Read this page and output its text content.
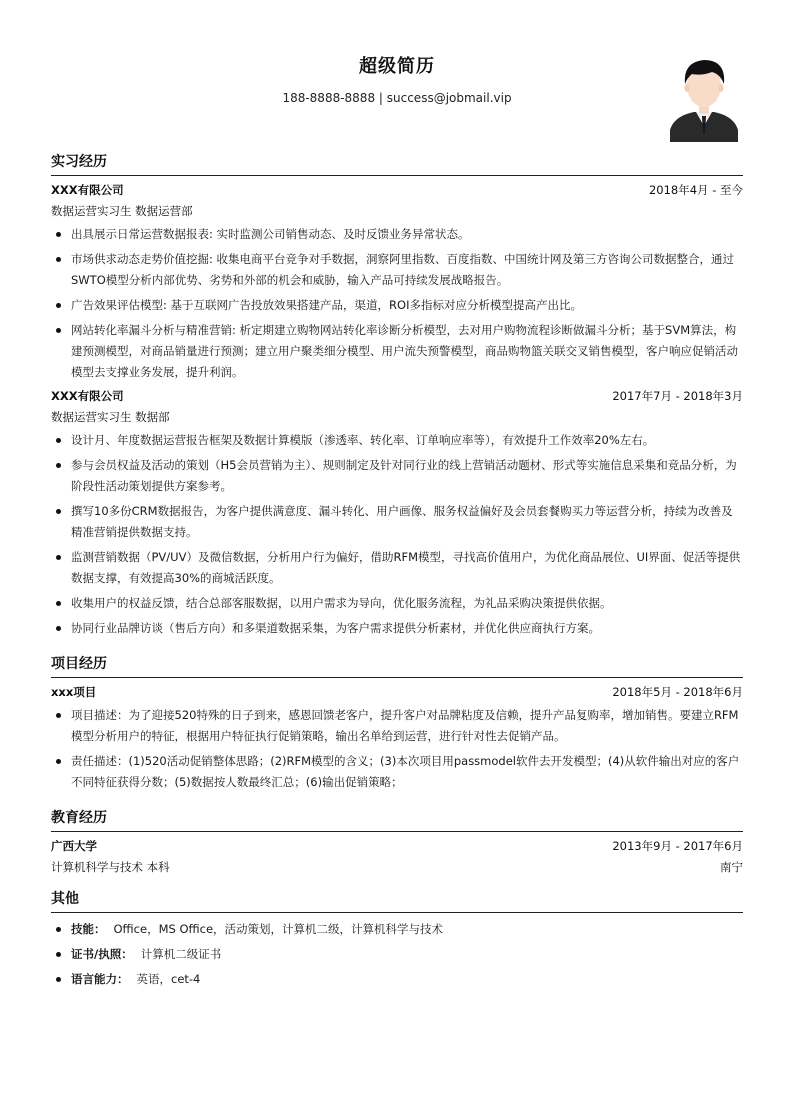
超级简历
188-8888-8888 | success@jobmail.vip
实习经历
XXX有限公司	2018年4月 - 至今
数据运营实习生 数据运营部
出具展示日常运营数据报表: 实时监测公司销售动态、及时反馈业务异常状态。
市场供求动态走势价值挖掘: 收集电商平台竞争对手数据，洞察阿里指数、百度指数、中国统计网及第三方咨询公司数据整合，通过SWTO模型分析内部优势、劣势和外部的机会和威胁，输入产品可持续发展战略报告。
广告效果评估模型: 基于互联网广告投放效果搭建产品，渠道，ROI多指标对应分析模型提高产出比。
网站转化率漏斗分析与精准营销: 析定期建立购物网站转化率诊断分析模型，去对用户购物流程诊断做漏斗分析；基于SVM算法，构建预测模型，对商品销量进行预测；建立用户聚类细分模型、用户流失预警模型，商品购物篮关联交叉销售模型，客户响应促销活动模型去支撑业务发展，提升利润。
XXX有限公司	2017年7月 - 2018年3月
数据运营实习生 数据部
设计月、年度数据运营报告框架及数据计算模版（渗透率、转化率、订单响应率等），有效提升工作效率20%左右。
参与会员权益及活动的策划（H5会员营销为主）、规则制定及针对同行业的线上营销活动题材、形式等实施信息采集和竞品分析，为阶段性活动策划提供方案参考。
撰写10多份CRM数据报告，为客户提供满意度、漏斗转化、用户画像、服务权益偏好及会员套餐购买力等运营分析，持续为改善及精准营销提供数据支持。
监测营销数据（PV/UV）及微信数据，分析用户行为偏好，借助RFM模型，寻找高价值用户，为优化商品展位、UI界面、促活等提供数据支撑，有效提高30%的商城活跃度。
收集用户的权益反馈，结合总部客服数据，以用户需求为导向，优化服务流程，为礼品采购决策提供依据。
协同行业品牌访谈（售后方向）和多渠道数据采集，为客户需求提供分析素材，并优化供应商执行方案。
项目经历
xxx项目	2018年5月 - 2018年6月
项目描述：为了迎接520特殊的日子到来，感恩回馈老客户，提升客户对品牌粘度及信赖，提升产品复购率，增加销售。要建立RFM模型分析用户的特征，根据用户特征执行促销策略，输出名单给到运营，进行针对性去促销产品。
责任描述：(1)520活动促销整体思路；(2)RFM模型的含义；(3)本次项目用passmodel软件去开发模型；(4)从软件输出对应的客户不同特征获得分数；(5)数据按人数最终汇总；(6)输出促销策略；
教育经历
广西大学	2013年9月 - 2017年6月
计算机科学与技术 本科	南宁
其他
技能： Office，MS Office，活动策划，计算机二级，计算机科学与技术
证书/执照： 计算机二级证书
语言能力： 英语，cet-4
